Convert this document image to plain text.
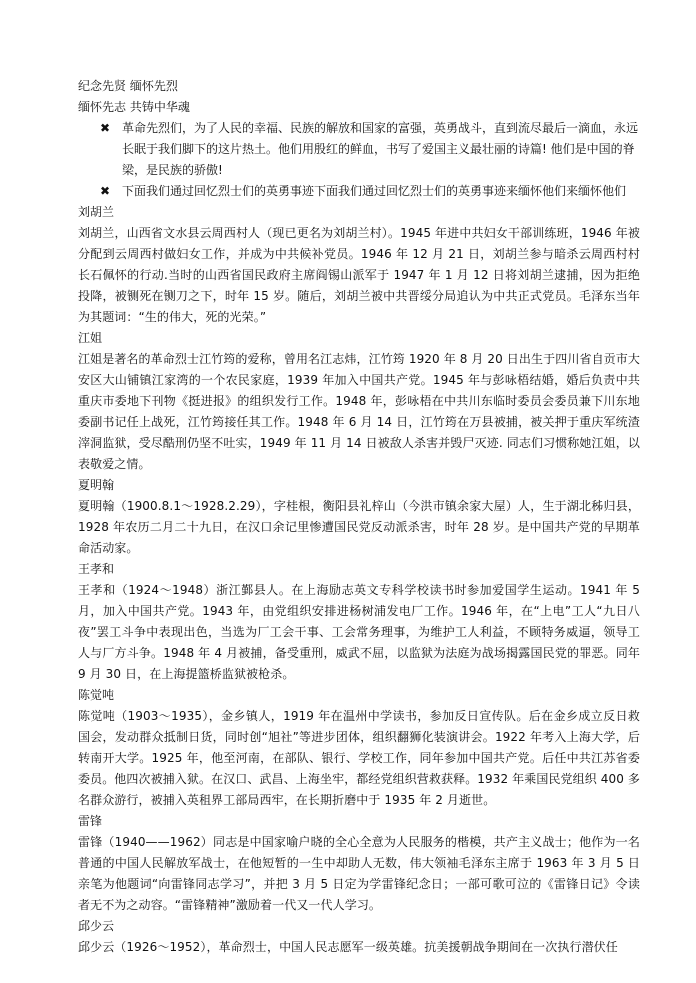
纪念先贤 缅怀先烈

缅怀先志 共铸中华魂

✖ 革命先烈们，为了人民的幸福、民族的解放和国家的富强，英勇战斗，直到流尽最后一滴血，永远长眠于我们脚下的这片热土。他们用殷红的鲜血，书写了爱国主义最壮丽的诗篇! 他们是中国的脊梁，是民族的骄傲!
✖ 下面我们通过回忆烈士们的英勇事迹下面我们通过回忆烈士们的英勇事迹来缅怀他们来缅怀他们

刘胡兰

刘胡兰，山西省文水县云周西村人（现已更名为刘胡兰村）。1945 年进中共妇女干部训练班，1946 年被分配到云周西村做妇女工作，并成为中共候补党员。1946 年 12 月 21 日，刘胡兰参与暗杀云周西村村长石佩怀的行动.当时的山西省国民政府主席阎锡山派军于 1947 年 1 月 12 日将刘胡兰逮捕，因为拒绝投降，被铡死在铡刀之下，时年 15 岁。随后，刘胡兰被中共晋绥分局追认为中共正式党员。毛泽东当年为其题词：“生的伟大，死的光荣。”

江姐

江姐是著名的革命烈士江竹筠的爱称，曾用名江志炜，江竹筠 1920 年 8 月 20 日出生于四川省自贡市大安区大山铺镇江家湾的一个农民家庭，1939 年加入中国共产党。1945 年与彭咏梧结婚，婚后负责中共重庆市委地下刊物《挺进报》的组织发行工作。1948 年，彭咏梧在中共川东临时委员会委员兼下川东地委副书记任上战死，江竹筠接任其工作。1948 年 6 月 14 日，江竹筠在万县被捕，被关押于重庆军统渣滓洞监狱，受尽酷刑仍坚不吐实，1949 年 11 月 14 日被敌人杀害并毁尸灭迹. 同志们习惯称她江姐，以表敬爱之情。

夏明翰

夏明翰（1900.8.1～1928.2.29），字桂根，衡阳县礼梓山（今洪市镇余家大屋）人，生于湖北秭归县，1928 年农历二月二十九日，在汉口余记里惨遭国民党反动派杀害，时年 28 岁。是中国共产党的早期革命活动家。

王孝和

王孝和（1924～1948）浙江鄞县人。在上海励志英文专科学校读书时参加爱国学生运动。1941 年 5 月，加入中国共产党。1943 年，由党组织安排进杨树浦发电厂工作。1946 年，在“上电”工人“九日八夜”罢工斗争中表现出色，当选为厂工会干事、工会常务理事，为维护工人利益，不顾特务威逼，领导工人与厂方斗争。1948 年 4 月被捕，备受重刑，威武不屈，以监狱为法庭为战场揭露国民党的罪恶。同年 9 月 30 日，在上海提篮桥监狱被枪杀。

陈觉吨

陈觉吨（1903～1935），金乡镇人，1919 年在温州中学读书，参加反日宣传队。后在金乡成立反日救国会，发动群众抵制日货，同时创“旭社”等进步团体，组织翻狮化装演讲会。1922 年考入上海大学，后转南开大学。1925 年，他至河南，在部队、银行、学校工作，同年参加中国共产党。后任中共江苏省委委员。他四次被捕入狱。在汉口、武昌、上海坐牢，都经党组织营救获释。1932 年乘国民党组织 400 多名群众游行，被捕入英租界工部局西牢，在长期折磨中于 1935 年 2 月逝世。

雷锋

雷锋（1940——1962）同志是中国家喻户晓的全心全意为人民服务的楷模，共产主义战士；他作为一名普通的中国人民解放军战士，在他短暂的一生中却助人无数，伟大领袖毛泽东主席于 1963 年 3 月 5 日亲笔为他题词“向雷锋同志学习”，并把 3 月 5 日定为学雷锋纪念日；一部可歌可泣的《雷锋日记》令读者无不为之动容。“雷锋精神”激励着一代又一代人学习。

邱少云

邱少云（1926～1952），革命烈士，中国人民志愿军一级英雄。抗美援朝战争期间在一次执行潜伏任
